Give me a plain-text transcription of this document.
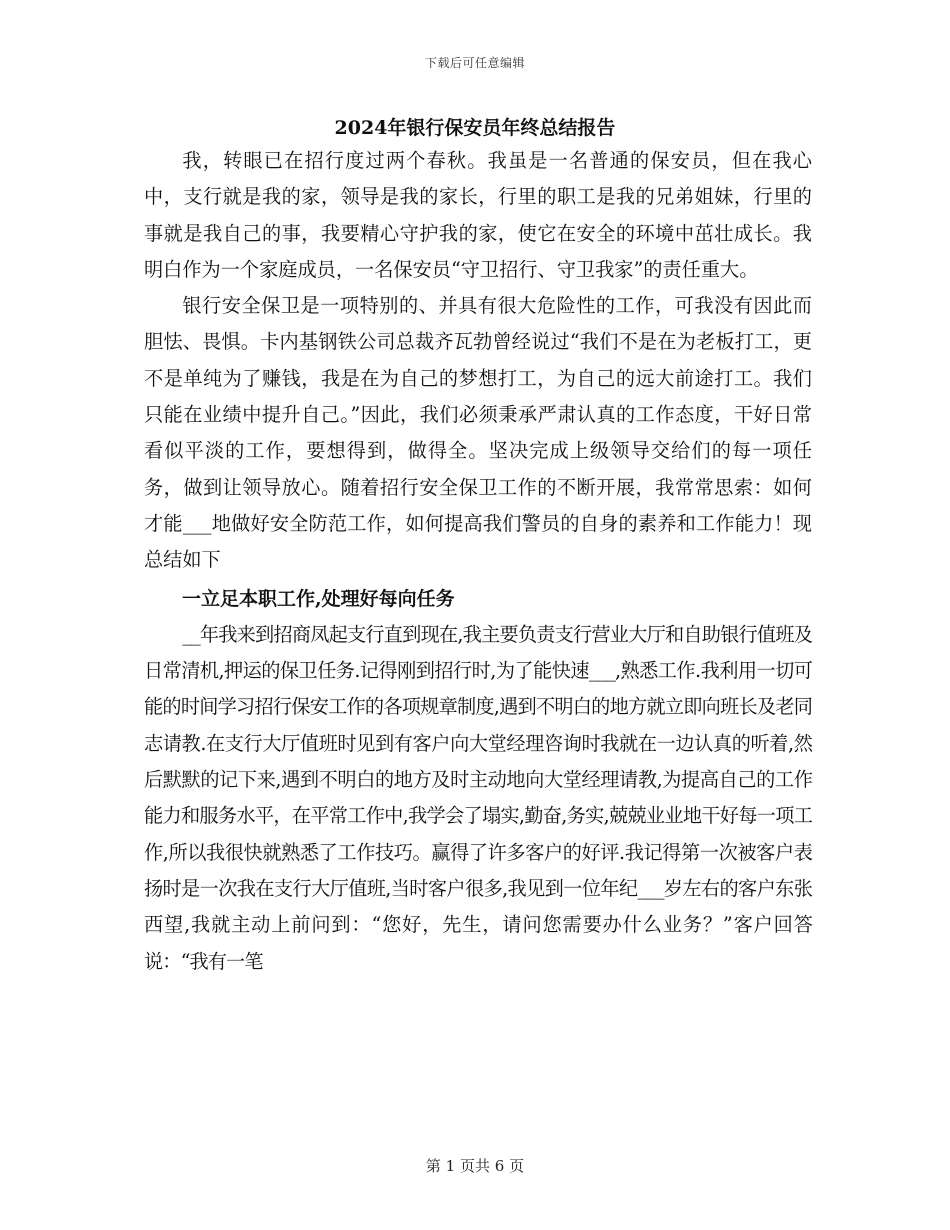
下载后可任意编辑
2024年银行保安员年终总结报告

我，转眼已在招行度过两个春秋。我虽是一名普通的保安员，但在我心中，支行就是我的家，领导是我的家长，行里的职工是我的兄弟姐妹，行里的事就是我自己的事，我要精心守护我的家，使它在安全的环境中茁壮成长。我明白作为一个家庭成员，一名保安员“守卫招行、守卫我家”的责任重大。

银行安全保卫是一项特别的、并具有很大危险性的工作，可我没有因此而胆怯、畏惧。卡内基钢铁公司总裁齐瓦勃曾经说过“我们不是在为老板打工，更不是单纯为了赚钱，我是在为自己的梦想打工，为自己的远大前途打工。我们只能在业绩中提升自己。”因此，我们必须秉承严肃认真的工作态度，干好日常看似平淡的工作，要想得到，做得全。坚决完成上级领导交给们的每一项任务，做到让领导放心。随着招行安全保卫工作的不断开展，我常常思索：如何才能___地做好安全防范工作，如何提高我们警员的自身的素养和工作能力！现总结如下

一立足本职工作,处理好每向任务

__年我来到招商凤起支行直到现在,我主要负责支行营业大厅和自助银行值班及日常清机,押运的保卫任务.记得刚到招行时,为了能快速___,熟悉工作.我利用一切可能的时间学习招行保安工作的各项规章制度,遇到不明白的地方就立即向班长及老同志请教.在支行大厅值班时见到有客户向大堂经理咨询时我就在一边认真的听着,然后默默的记下来,遇到不明白的地方及时主动地向大堂经理请教,为提高自己的工作能力和服务水平，在平常工作中,我学会了塌实,勤奋,务实,兢兢业业地干好每一项工作,所以我很快就熟悉了工作技巧。赢得了许多客户的好评.我记得第一次被客户表扬时是一次我在支行大厅值班,当时客户很多,我见到一位年纪___岁左右的客户东张西望,我就主动上前问到：“您好，先生，请问您需要办什么业务？”客户回答说：“我有一笔

第 1 页共 6 页
